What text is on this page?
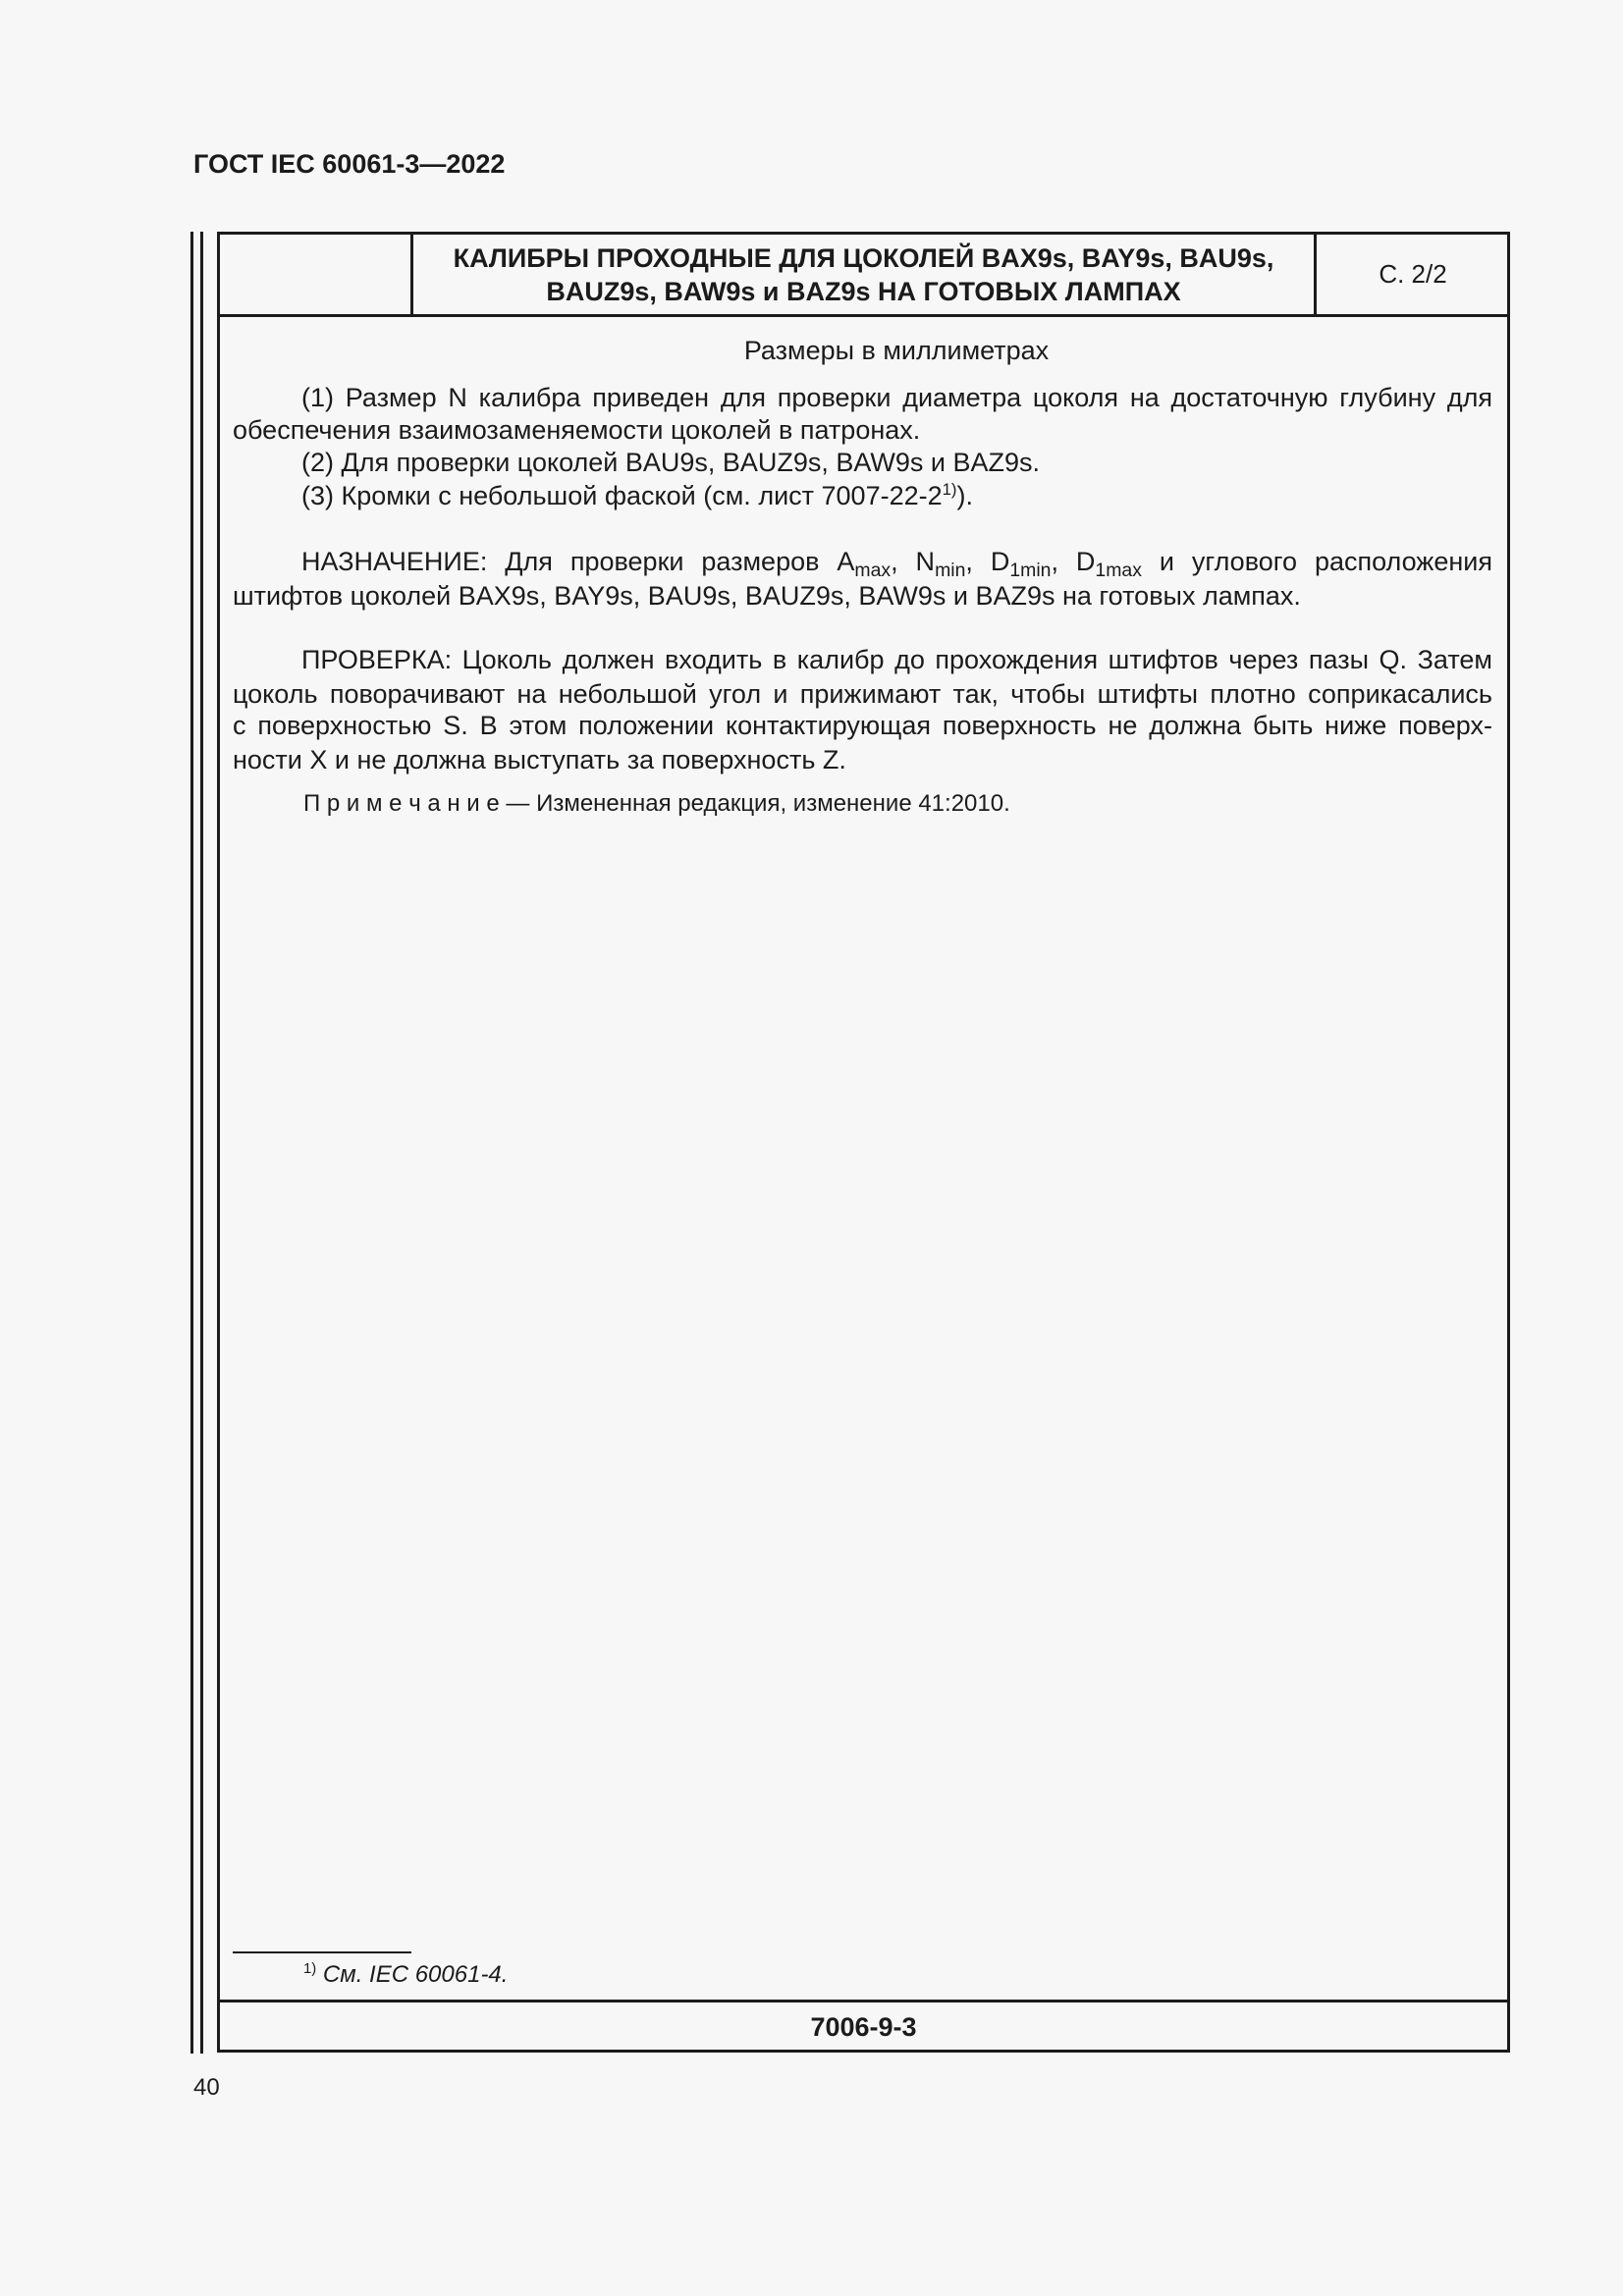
ГОСТ IEC 60061-3—2022
КАЛИБРЫ ПРОХОДНЫЕ ДЛЯ ЦОКОЛЕЙ BAX9s, BAY9s, BAU9s,
BAUZ9s, BAW9s и BAZ9s НА ГОТОВЫХ ЛАМПАХ
С. 2/2
Размеры в миллиметрах
(1) Размер N калибра приведен для проверки диаметра цоколя на достаточную глубину для
обеспечения взаимозаменяемости цоколей в патронах.
(2) Для проверки цоколей BAU9s, BAUZ9s, BAW9s и BAZ9s.
(3) Кромки с небольшой фаской (см. лист 7007-22-2$^{1)}$).
НАЗНАЧЕНИЕ: Для проверки размеров $A_{max}$, $N_{min}$, $D_{1min}$, $D_{1max}$ и углового расположения
штифтов цоколей BAX9s, BAY9s, BAU9s, BAUZ9s, BAW9s и BAZ9s на готовых лампах.
ПРОВЕРКА: Цоколь должен входить в калибр до прохождения штифтов через пазы Q. Затем
цоколь поворачивают на небольшой угол и прижимают так, чтобы штифты плотно соприкасались
с поверхностью S. В этом положении контактирующая поверхность не должна быть ниже поверх-
ности X и не должна выступать за поверхность Z.
П р и м е ч а н и е — Измененная редакция, изменение 41:2010.
$^{1)}$ См. IEC 60061-4.
7006-9-3
40
